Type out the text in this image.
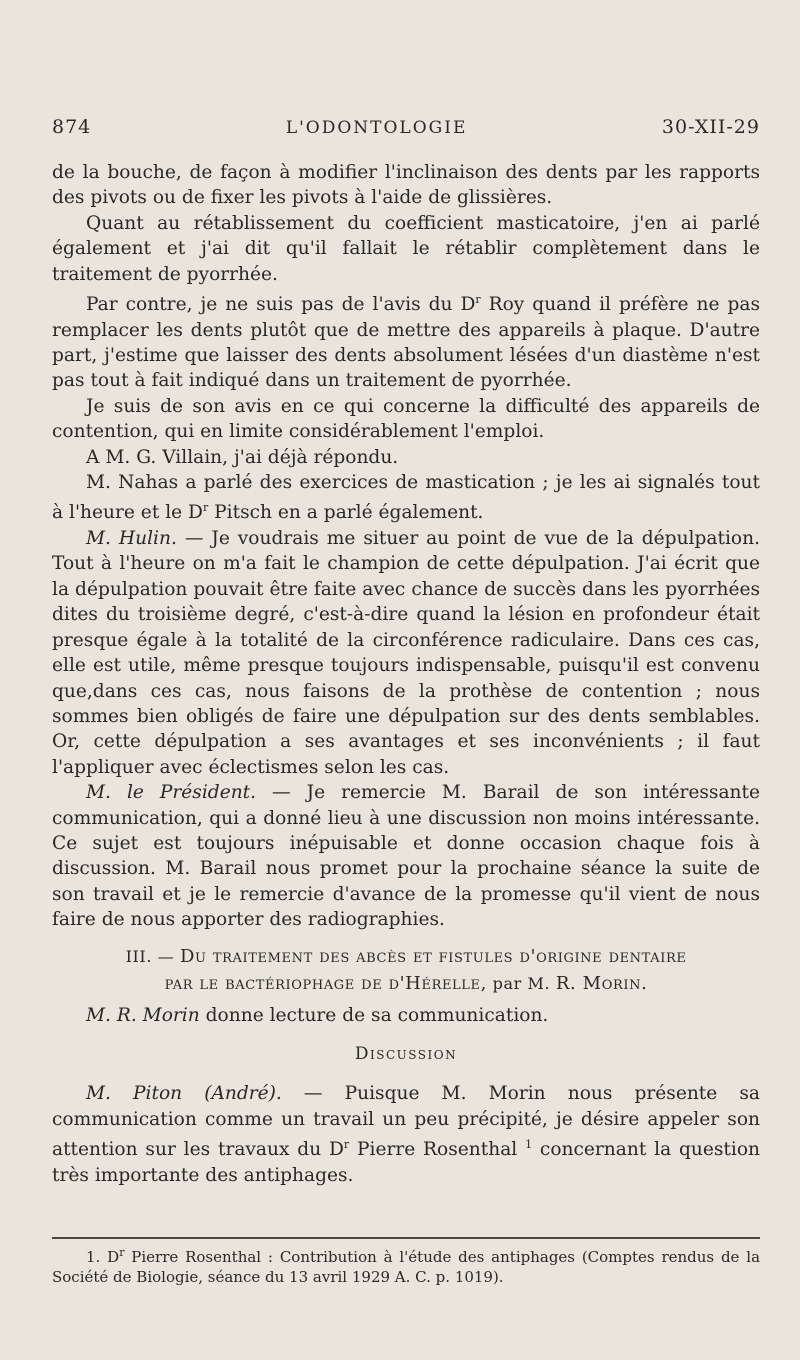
874	L'ODONTOLOGIE	30-XII-29

de la bouche, de façon à modifier l'inclinaison des dents par les rapports des pivots ou de fixer les pivots à l'aide de glissières.

Quant au rétablissement du coefficient masticatoire, j'en ai parlé également et j'ai dit qu'il fallait le rétablir complètement dans le traitement de pyorrhée.

Par contre, je ne suis pas de l'avis du $D^r$ Roy quand il préfère ne pas remplacer les dents plutôt que de mettre des appareils à plaque. D'autre part, j'estime que laisser des dents absolument lésées d'un diastème n'est pas tout à fait indiqué dans un traitement de pyorrhée.

Je suis de son avis en ce qui concerne la difficulté des appareils de contention, qui en limite considérablement l'emploi.

A M. G. Villain, j'ai déjà répondu.

M. Nahas a parlé des exercices de mastication ; je les ai signalés tout à l'heure et le $D^r$ Pitsch en a parlé également.

M. Hulin. — Je voudrais me situer au point de vue de la dépulpation. Tout à l'heure on m'a fait le champion de cette dépulpation. J'ai écrit que la dépulpation pouvait être faite avec chance de succès dans les pyorrhées dites du troisième degré, c'est-à-dire quand la lésion en profondeur était presque égale à la totalité de la circonférence radiculaire. Dans ces cas, elle est utile, même presque toujours indispensable, puisqu'il est convenu que,dans ces cas, nous faisons de la prothèse de contention ; nous sommes bien obligés de faire une dépulpation sur des dents semblables. Or, cette dépulpation a ses avantages et ses inconvénients ; il faut l'appliquer avec éclectismes selon les cas.

M. le Président. — Je remercie M. Barail de son intéressante communication, qui a donné lieu à une discussion non moins intéressante. Ce sujet est toujours inépuisable et donne occasion chaque fois à discussion. M. Barail nous promet pour la prochaine séance la suite de son travail et je le remercie d'avance de la promesse qu'il vient de nous faire de nous apporter des radiographies.

III. — Du traitement des abcès et fistules d'origine dentaire
par le bactériophage de d'Hérelle, par M. R. Morin.

M. R. Morin donne lecture de sa communication.

Discussion

M. Piton (André). — Puisque M. Morin nous présente sa communication comme un travail un peu précipité, je désire appeler son attention sur les travaux du $D^r$ Pierre Rosenthal $^1$ concernant la question très importante des antiphages.

1. $D^r$ Pierre Rosenthal : Contribution à l'étude des antiphages (Comptes rendus de la Société de Biologie, séance du 13 avril 1929 A. C. p. 1019).
